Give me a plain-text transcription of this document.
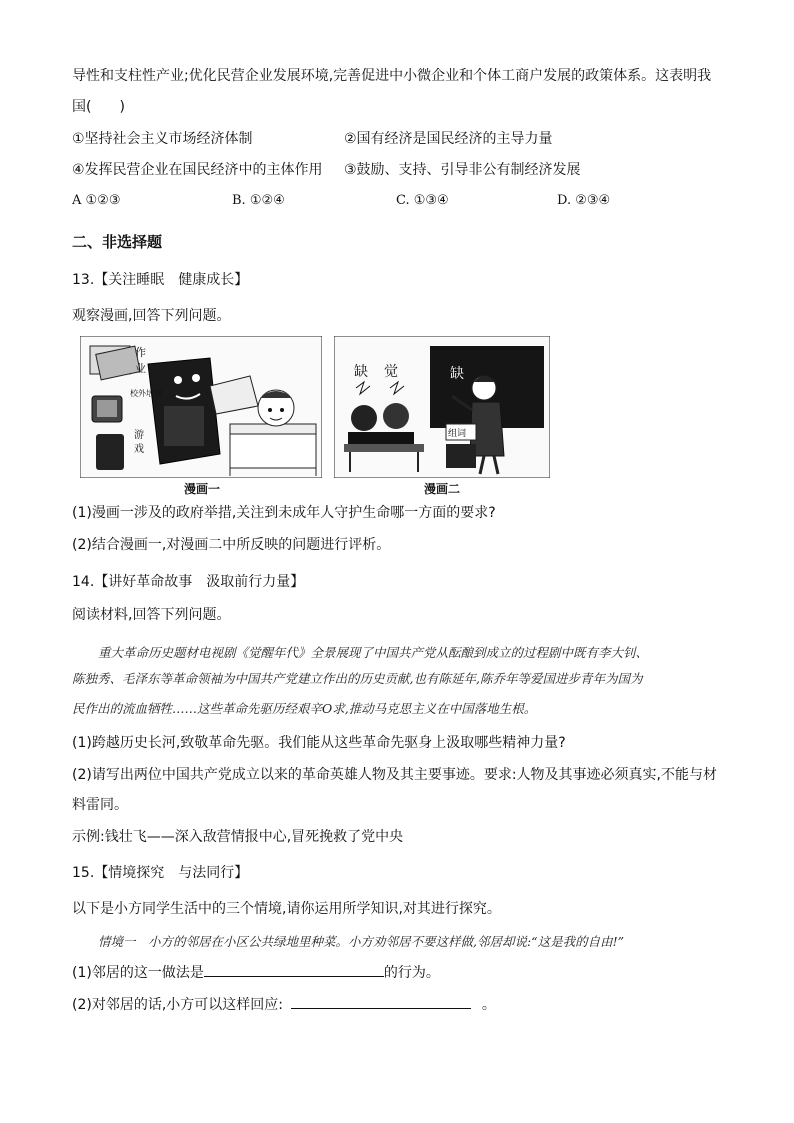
导性和支柱性产业;优化民营企业发展环境,完善促进中小微企业和个体工商户发展的政策体系。这表明我
国(　　)
①坚持社会主义市场经济体制	②国有经济是国民经济的主导力量
④发挥民营企业在国民经济中的主体作用 ③鼓励、支持、引导非公有制经济发展
A ①②③	B. ①②④	C. ①③④	D. ②③④
二、非选择题
13.【关注睡眠　健康成长】
观察漫画,回答下列问题。
作
业
校外培训
游
戏
漫画一
缺
组词
缺 觉
漫画二
(1)漫画一涉及的政府举措,关注到未成年人守护生命哪一方面的要求?
(2)结合漫画一,对漫画二中所反映的问题进行评析。
14.【讲好革命故事　汲取前行力量】
阅读材料,回答下列问题。
重大革命历史题材电视剧《觉醒年代》全景展现了中国共产党从酝酿到成立的过程剧中既有李大钊、
陈独秀、毛泽东等革命领袖为中国共产党建立作出的历史贡献,也有陈延年,陈乔年等爱国进步青年为国为
民作出的流血牺牲……这些革命先驱历经艰辛O求,推动马克思主义在中国落地生根。
(1)跨越历史长河,致敬革命先驱。我们能从这些革命先驱身上汲取哪些精神力量?
(2)请写出两位中国共产党成立以来的革命英雄人物及其主要事迹。要求:人物及其事迹必须真实,不能与材
料雷同。
示例:钱壮飞——深入敌营情报中心,冒死挽救了党中央
15.【情境探究　与法同行】
以下是小方同学生活中的三个情境,请你运用所学知识,对其进行探究。
情境一　小方的邻居在小区公共绿地里种菜。小方劝邻居不要这样做,邻居却说:“这是我的自由!”
(1)邻居的这一做法是	的行为。
(2)对邻居的话,小方可以这样回应:	。
